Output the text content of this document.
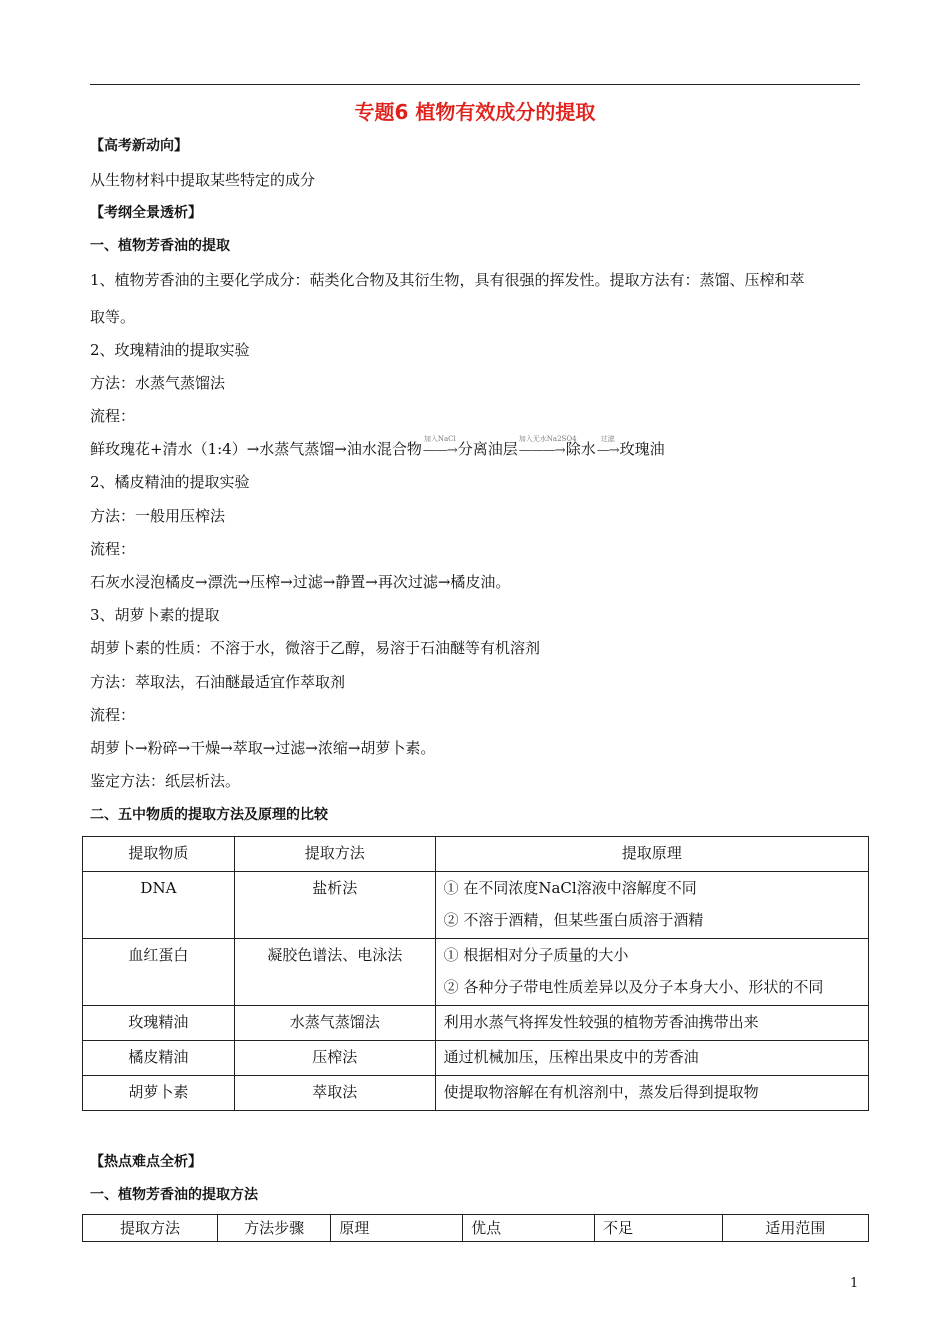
专题6 植物有效成分的提取
【高考新动向】
从生物材料中提取某些特定的成分
【考纲全景透析】
一、植物芳香油的提取
1、植物芳香油的主要化学成分：萜类化合物及其衍生物，具有很强的挥发性。提取方法有：蒸馏、压榨和萃
取等。
2、玫瑰精油的提取实验
方法：水蒸气蒸馏法
流程：
鲜玫瑰花+清水（1:4）→水蒸气蒸馏→油水混合物
加入NaCl
——→分离油层
加入无水Na2SO4
———→除水
过滤
—→玫瑰油
2、橘皮精油的提取实验
方法：一般用压榨法
流程：
石灰水浸泡橘皮→漂洗→压榨→过滤→静置→再次过滤→橘皮油。
3、胡萝卜素的提取
胡萝卜素的性质：不溶于水，微溶于乙醇，易溶于石油醚等有机溶剂
方法：萃取法，石油醚最适宜作萃取剂
流程：
胡萝卜→粉碎→干燥→萃取→过滤→浓缩→胡萝卜素。
鉴定方法：纸层析法。
二、五中物质的提取方法及原理的比较
提取物质	提取方法	提取原理

DNA	盐析法	① 在不同浓度NaCl溶液中溶解度不同
② 不溶于酒精，但某些蛋白质溶于酒精

血红蛋白	凝胶色谱法、电泳法	① 根据相对分子质量的大小
② 各种分子带电性质差异以及分子本身大小、形状的不同

玫瑰精油	水蒸气蒸馏法	利用水蒸气将挥发性较强的植物芳香油携带出来

橘皮精油	压榨法	通过机械加压，压榨出果皮中的芳香油

胡萝卜素	萃取法	使提取物溶解在有机溶剂中，蒸发后得到提取物
【热点难点全析】
一、植物芳香油的提取方法
提取方法	方法步骤	原理	优点	不足	适用范围
1
